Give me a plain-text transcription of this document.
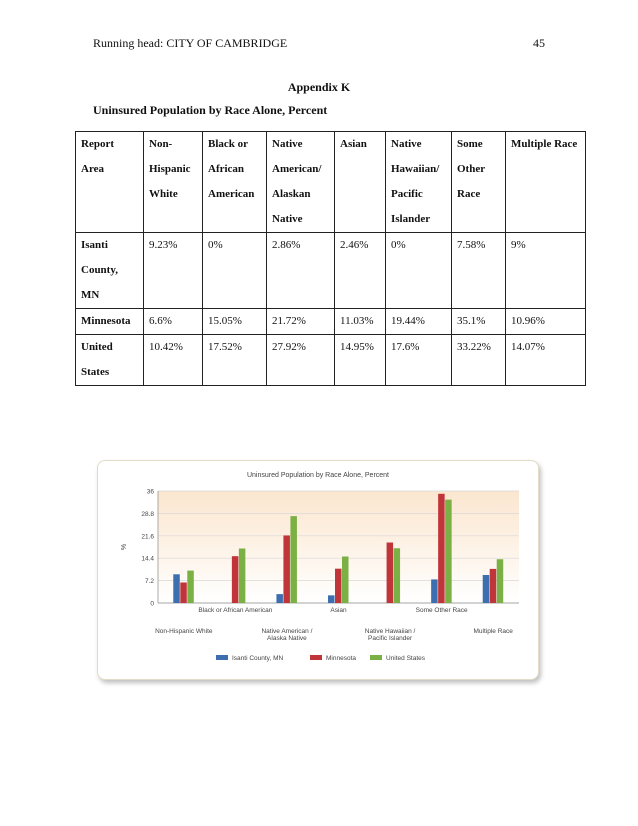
Running head: CITY OF CAMBRIDGE	45
Appendix K
Uninsured Population by Race Alone, Percent
Report
Area	Non-
Hispanic
White	Black or
African
American	Native
American/
Alaskan
Native	Asian	Native
Hawaiian/
Pacific
Islander	Some
Other
Race	Multiple Race

Isanti
County,
MN	9.23%	0%	2.86%	2.46%	0%	7.58%	9%

Minnesota	6.6%	15.05%	21.72%	11.03%	19.44%	35.1%	10.96%

United
States	10.42%	17.52%	27.92%	14.95%	17.6%	33.22%	14.07%
Uninsured Population by Race Alone, Percent
0
7.2
14.4
21.6
28.8
36
%
Non-Hispanic White
Black or African American
Native American /
Alaska Native
Asian
Native Hawaiian /
Pacific Islander
Some Other Race
Multiple Race
Isanti County, MN	Minnesota	United States
